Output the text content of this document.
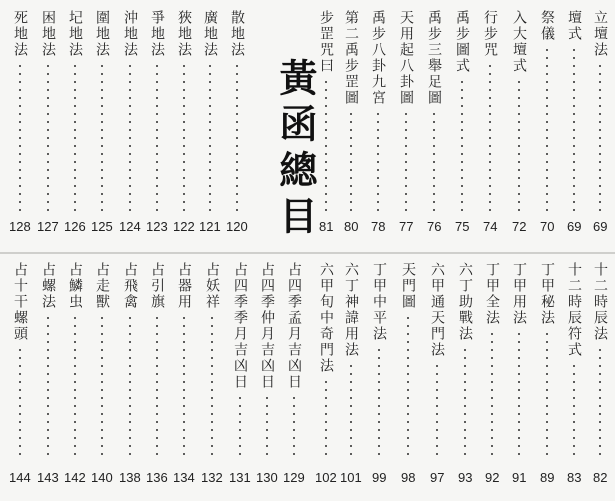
黃函總目
立壇法
69
壇式
69
祭儀
70
入大壇式
72
行步咒
74
禹步圖式
75
禹步三舉足圖
76
天用起八卦圖
77
禹步八卦九宮
78
第二禹步罡圖
80
步罡咒曰
81
散地法
120
廣地法
121
狹地法
122
爭地法
123
沖地法
124
圍地法
125
圮地法
126
困地法
127
死地法
128
十二時辰法
82
十二時辰符式
83
丁甲秘法
89
丁甲用法
91
丁甲全法
92
六丁助戰法
93
六甲通天門法
97
天門圖
98
丁甲中平法
99
六丁神諱用法
101
六甲旬中奇門法
102
占四季孟月吉凶日
129
占四季仲月吉凶日
130
占四季季月吉凶日
131
占妖祥
132
占器用
134
占引旗
136
占飛禽
138
占走獸
140
占鱗虫
142
占螺法
143
占十干螺頭
144
